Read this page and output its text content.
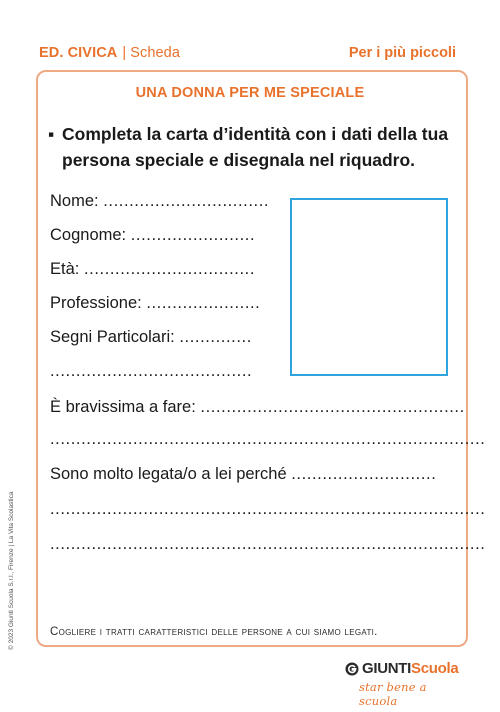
ED. CIVICA | Scheda	Per i più piccoli
UNA DONNA PER ME SPECIALE
▪ Completa la carta d’identità con i dati della tua persona speciale e disegnala nel riquadro.
Nome: ................................
Cognome: ........................
Età: .................................
Professione: ......................
Segni Particolari: ..............
.......................................
È bravissima a fare: ...................................................
....................................................................................
Sono molto legata/o a lei perché ............................
....................................................................................
....................................................................................
Cogliere i tratti caratteristici delle persone a cui siamo legati.
© 2023 Giunti Scuola S.r.l., Firenze | La Vita Scolastica
GIUNTIScuola
star bene a scuola
